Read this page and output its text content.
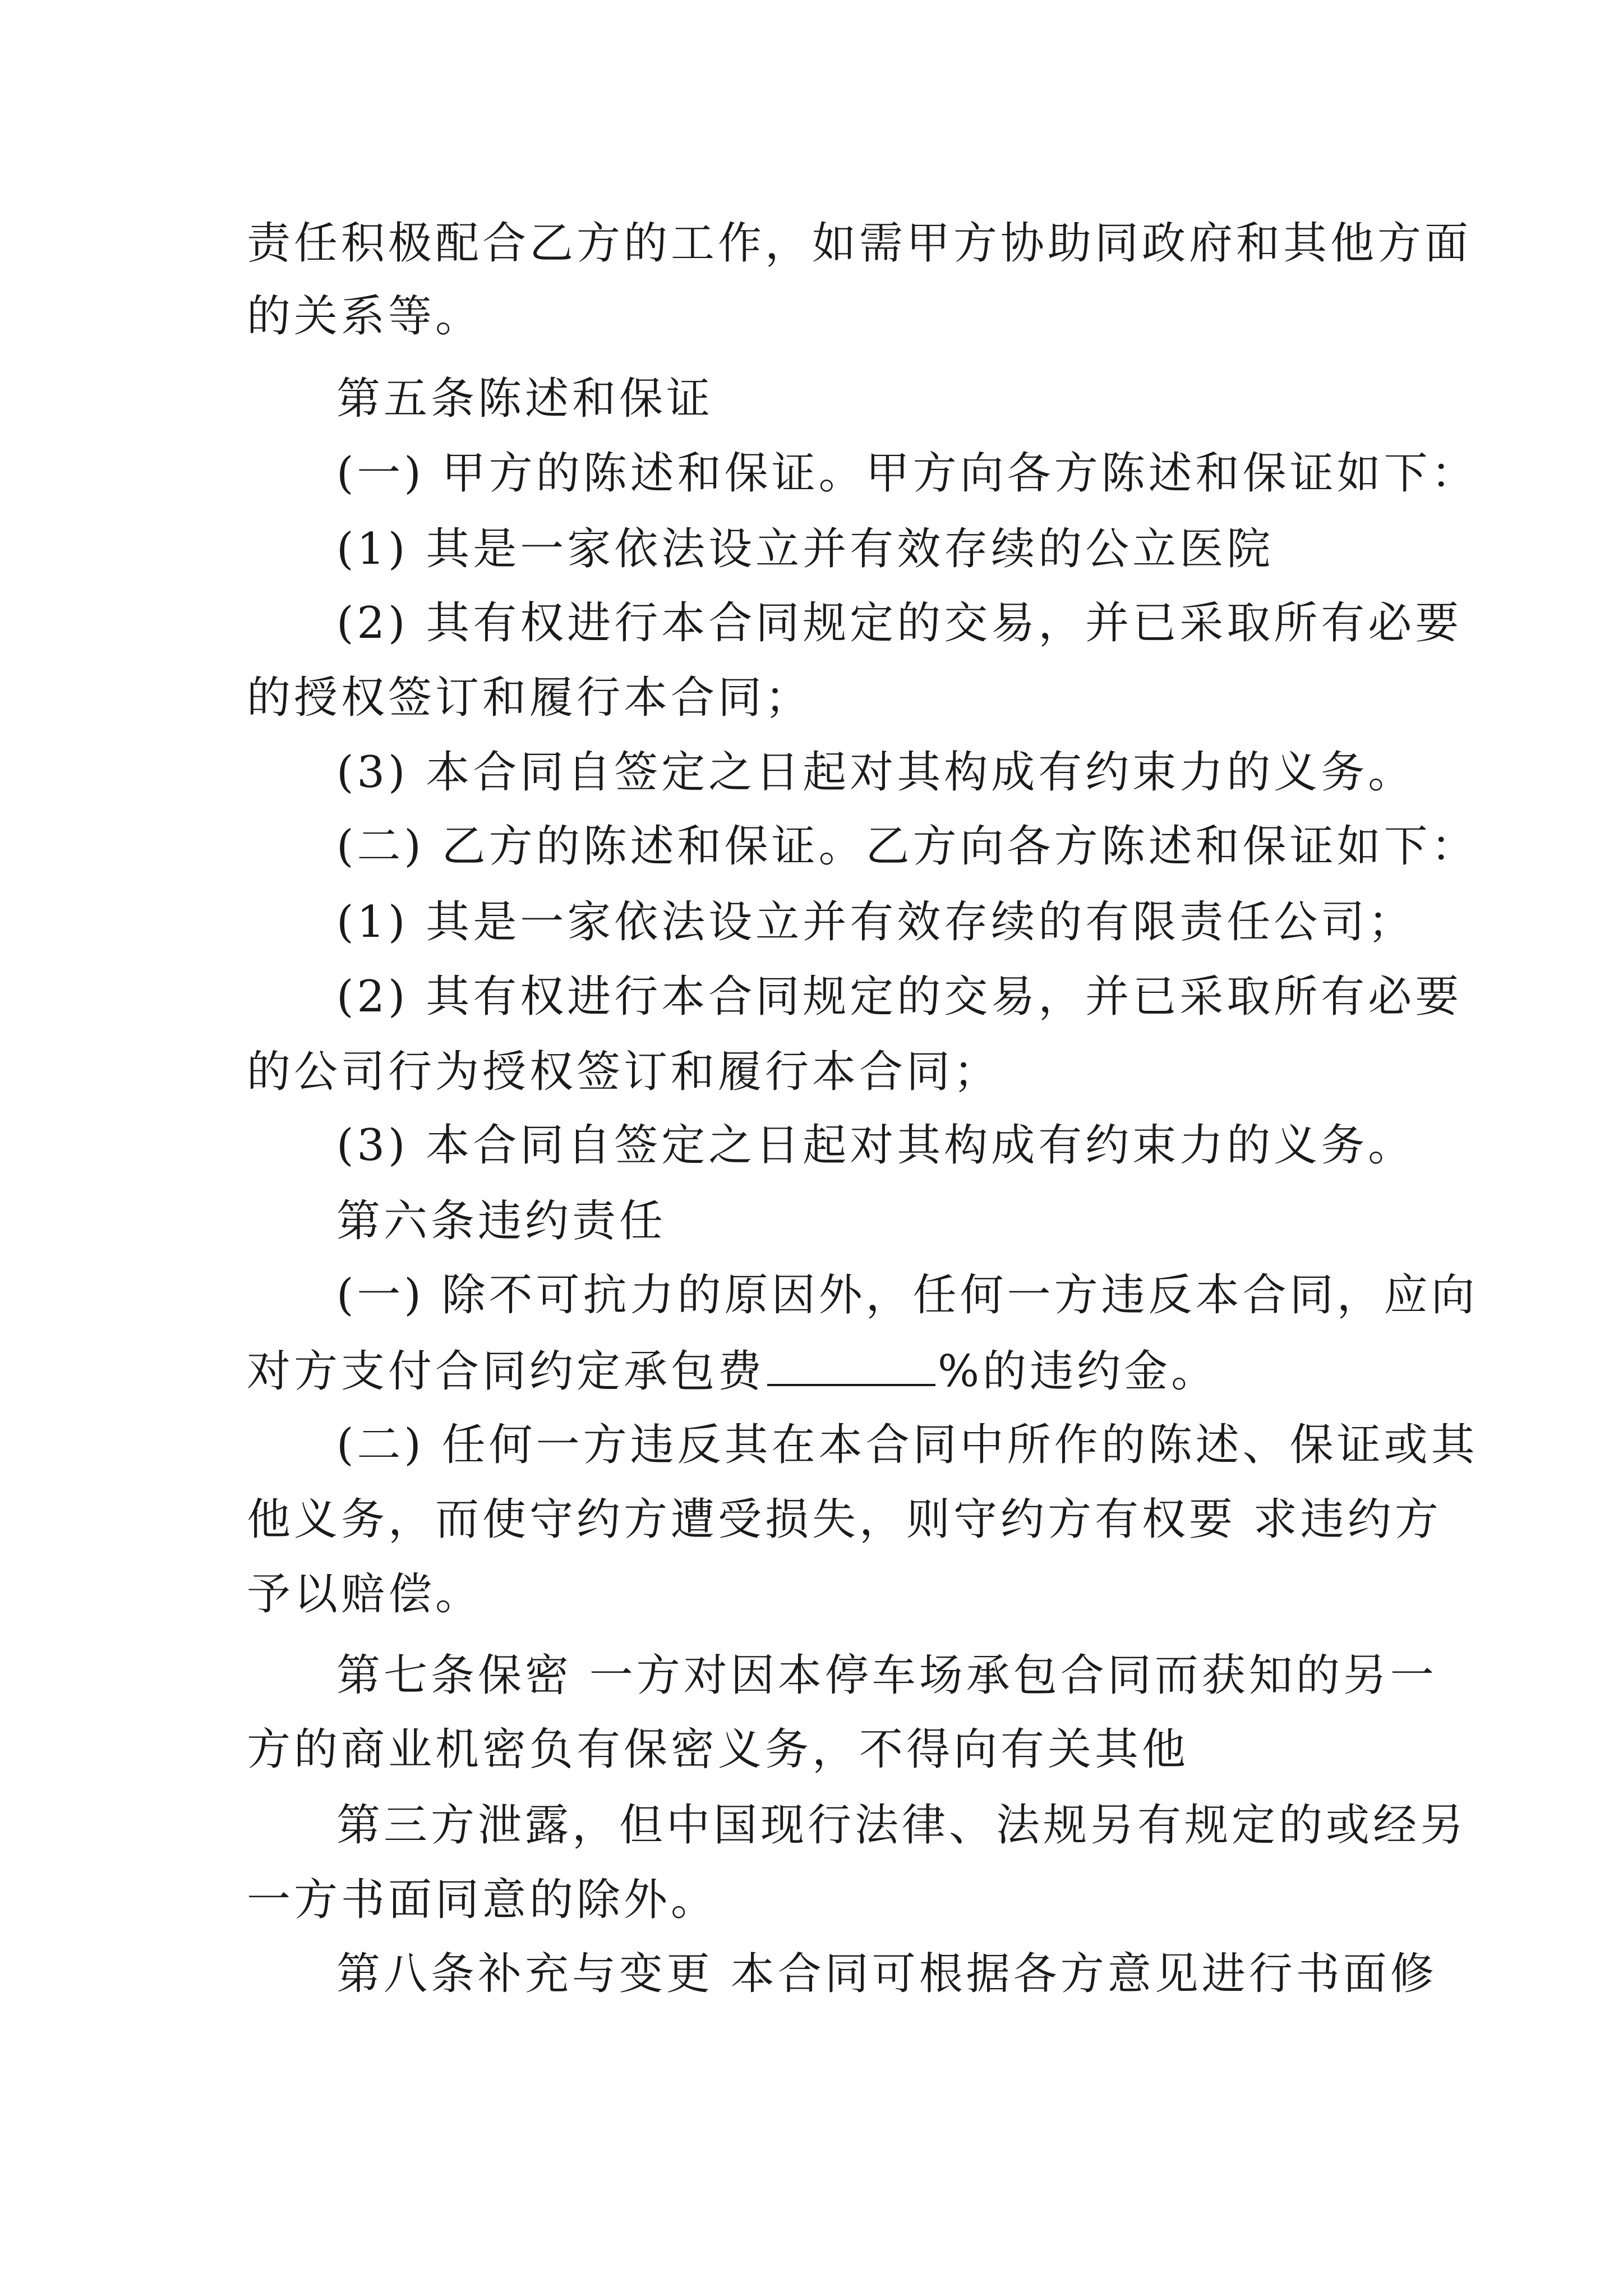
责任积极配合乙方的工作，如需甲方协助同政府和其他方面
的关系等。
第五条陈述和保证
(一) 甲方的陈述和保证。甲方向各方陈述和保证如下：
(1) 其是一家依法设立并有效存续的公立医院
(2) 其有权进行本合同规定的交易，并已采取所有必要
的授权签订和履行本合同；
(3) 本合同自签定之日起对其构成有约束力的义务。
(二) 乙方的陈述和保证。乙方向各方陈述和保证如下：
(1) 其是一家依法设立并有效存续的有限责任公司；
(2) 其有权进行本合同规定的交易，并已采取所有必要
的公司行为授权签订和履行本合同；
(3) 本合同自签定之日起对其构成有约束力的义务。
第六条违约责任
(一) 除不可抗力的原因外，任何一方违反本合同，应向
对方支付合同约定承包费	%的违约金。
(二) 任何一方违反其在本合同中所作的陈述、保证或其
他义务，而使守约方遭受损失，则守约方有权要 求违约方
予以赔偿。
第七条保密 一方对因本停车场承包合同而获知的另一
方的商业机密负有保密义务，不得向有关其他
第三方泄露，但中国现行法律、法规另有规定的或经另
一方书面同意的除外。
第八条补充与变更 本合同可根据各方意见进行书面修
